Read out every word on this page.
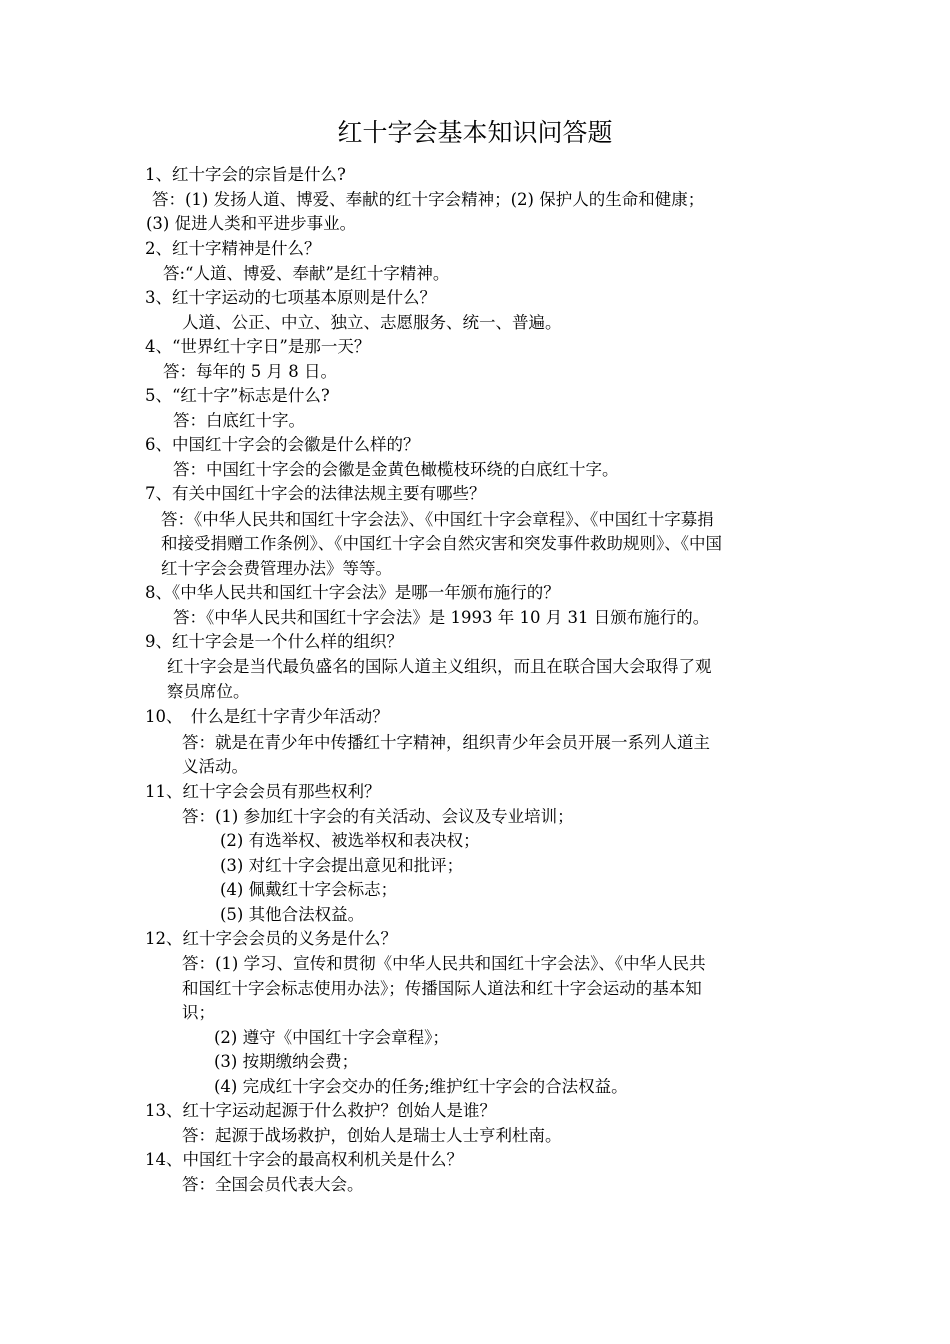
红十字会基本知识问答题
1、红十字会的宗旨是什么?
答：(1) 发扬人道、博爱、奉献的红十字会精神；(2) 保护人的生命和健康；
(3) 促进人类和平进步事业。
2、红十字精神是什么？
答:“人道、博爱、奉献”是红十字精神。
3、红十字运动的七项基本原则是什么？
人道、公正、中立、独立、志愿服务、统一、普遍。
4、“世界红十字日”是那一天？
答：每年的 5 月 8 日。
5、“红十字”标志是什么?
答：白底红十字。
6、中国红十字会的会徽是什么样的？
答：中国红十字会的会徽是金黄色橄榄枝环绕的白底红十字。
7、有关中国红十字会的法律法规主要有哪些？
答：《中华人民共和国红十字会法》、《中国红十字会章程》、《中国红十字募捐
和接受捐赠工作条例》、《中国红十字会自然灾害和突发事件救助规则》、《中国
红十字会会费管理办法》等等。
8、《中华人民共和国红十字会法》是哪一年颁布施行的？
答：《中华人民共和国红十字会法》是 1993 年 10 月 31 日颁布施行的。
9、红十字会是一个什么样的组织？
红十字会是当代最负盛名的国际人道主义组织，而且在联合国大会取得了观
察员席位。
10、　什么是红十字青少年活动？
答：就是在青少年中传播红十字精神，组织青少年会员开展一系列人道主
义活动。
11、红十字会会员有那些权利？
答：(1) 参加红十字会的有关活动、会议及专业培训；
(2) 有选举权、被选举权和表决权；
(3) 对红十字会提出意见和批评；
(4) 佩戴红十字会标志；
(5) 其他合法权益。
12、红十字会会员的义务是什么？
答：(1) 学习、宣传和贯彻《中华人民共和国红十字会法》、《中华人民共
和国红十字会标志使用办法》；传播国际人道法和红十字会运动的基本知
识；
(2) 遵守《中国红十字会章程》；
(3) 按期缴纳会费；
(4) 完成红十字会交办的任务;维护红十字会的合法权益。
13、红十字运动起源于什么救护？创始人是谁？
答：起源于战场救护，创始人是瑞士人士亨利杜南。
14、中国红十字会的最高权利机关是什么？
答：全国会员代表大会。
